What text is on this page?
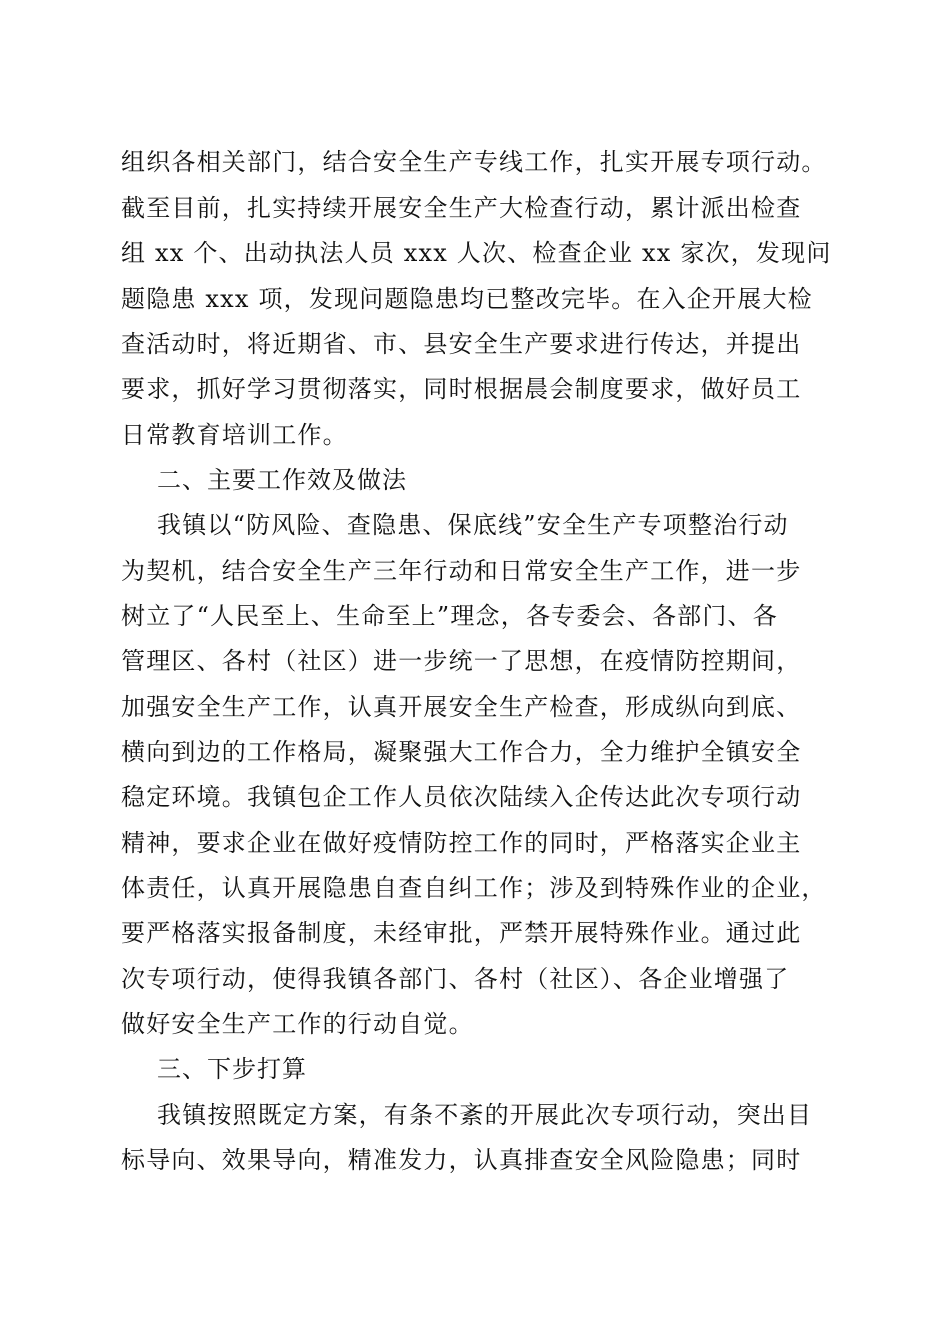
组织各相关部门，结合安全生产专线工作，扎实开展专项行动。
截至目前，扎实持续开展安全生产大检查行动，累计派出检查
组 xx 个、出动执法人员 xxx 人次、检查企业 xx 家次，发现问
题隐患 xxx 项，发现问题隐患均已整改完毕。在入企开展大检
查活动时，将近期省、市、县安全生产要求进行传达，并提出
要求，抓好学习贯彻落实，同时根据晨会制度要求，做好员工
日常教育培训工作。
二、主要工作效及做法
我镇以“防风险、查隐患、保底线”安全生产专项整治行动
为契机，结合安全生产三年行动和日常安全生产工作，进一步
树立了“人民至上、生命至上”理念，各专委会、各部门、各
管理区、各村（社区）进一步统一了思想，在疫情防控期间，
加强安全生产工作，认真开展安全生产检查，形成纵向到底、
横向到边的工作格局，凝聚强大工作合力，全力维护全镇安全
稳定环境。我镇包企工作人员依次陆续入企传达此次专项行动
精神，要求企业在做好疫情防控工作的同时，严格落实企业主
体责任，认真开展隐患自查自纠工作；涉及到特殊作业的企业，
要严格落实报备制度，未经审批，严禁开展特殊作业。通过此
次专项行动，使得我镇各部门、各村（社区）、各企业增强了
做好安全生产工作的行动自觉。
三、下步打算
我镇按照既定方案，有条不紊的开展此次专项行动，突出目
标导向、效果导向，精准发力，认真排查安全风险隐患；同时
